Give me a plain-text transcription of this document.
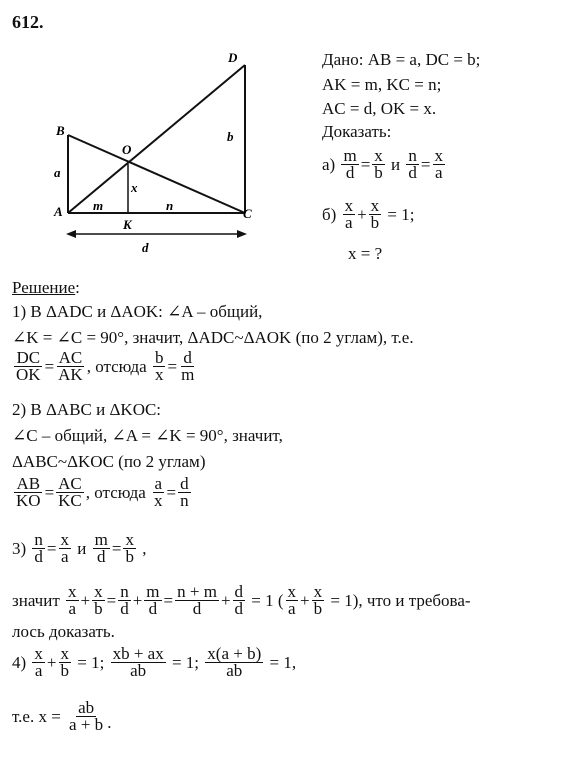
612.
B
O
D
A
K
C
a
x
b
m	n
d
Дано: AB = a, DC = b;
AK = m, KC = n;
AC = d, OK = x.
Доказать:
а)
$\frac{m}{d} = \frac{x}{b}$
и
$\frac{n}{d} = \frac{x}{a}$
б)
$\frac{x}{a} + \frac{x}{b}$
= 1;
x = ?
Решение:
1) В ΔADC и ΔAOK: ∠A – общий,
∠K = ∠C = 90°, значит, ΔADC~ΔAOK (по 2 углам), т.е.
$\frac{DC}{OK} = \frac{AC}{AK}$ , отсюда
$\frac{b}{x} = \frac{d}{m}$
2) В ΔABC и ΔKOC:
∠C – общий, ∠A = ∠K = 90°, значит,
ΔABC~ΔKOC (по 2 углам)
$\frac{AB}{KO} = \frac{AC}{KC}$ , отсюда
$\frac{a}{x} = \frac{d}{n}$
3)
$\frac{n}{d} = \frac{x}{a}$
и
$\frac{m}{d} = \frac{x}{b}$
,
значит
$\frac{x}{a} + \frac{x}{b} = \frac{n}{d} + \frac{m}{d} = \frac{n + m}{d} + \frac{d}{d}$
= 1 ( $\frac{x}{a} + \frac{x}{b}$
= 1), что и требова-
лось доказать.
4)
$\frac{x}{a} + \frac{x}{b}$
= 1;
$\frac{xb + ax}{ab}$
= 1;
$\frac{x(a + b)}{ab}$
= 1,
т.е. x =
$\frac{ab}{a + b}$ .
